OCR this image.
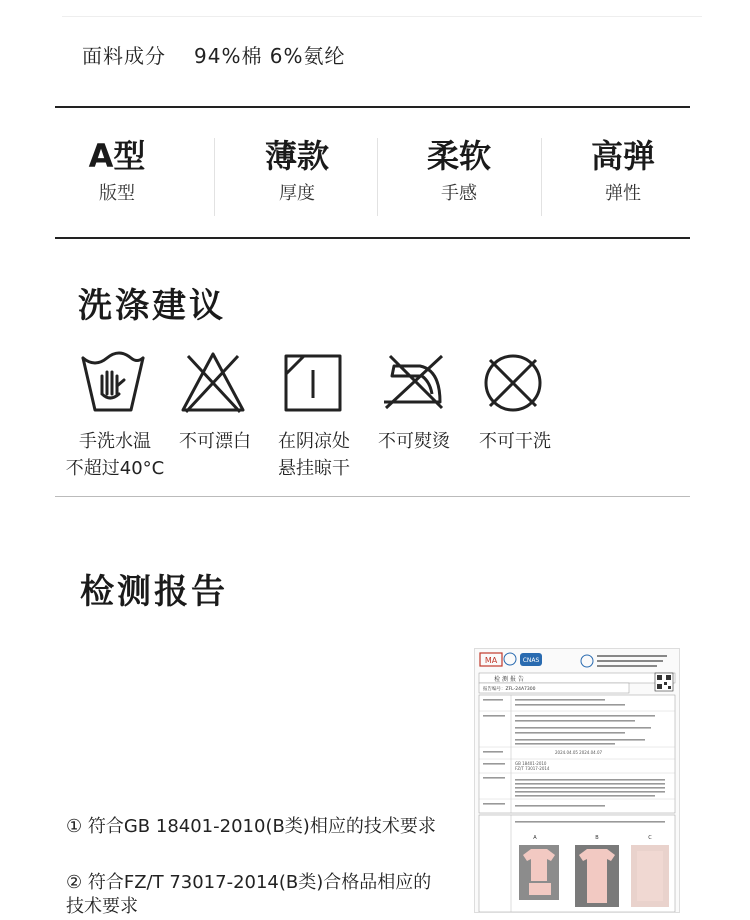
面料成分 94%棉 6%氨纶
A型
版型
薄款
厚度
柔软
手感
高弹
弹性
洗涤建议
手洗水温
不超过40°C
不可漂白	在阴凉处
悬挂晾干
不可熨烫	不可干洗
检测报告
① 符合GB 18401-2010(B类)相应的技术要求
② 符合FZ/T 73017-2014(B类)合格品相应的
技术要求
MA	CNAS
检 测 报 告
报告编号：ZFL-24A7300
2024.04.05 2024.04.07
GB 18401-2010
FZ/T 73017-2014
A	B	C
